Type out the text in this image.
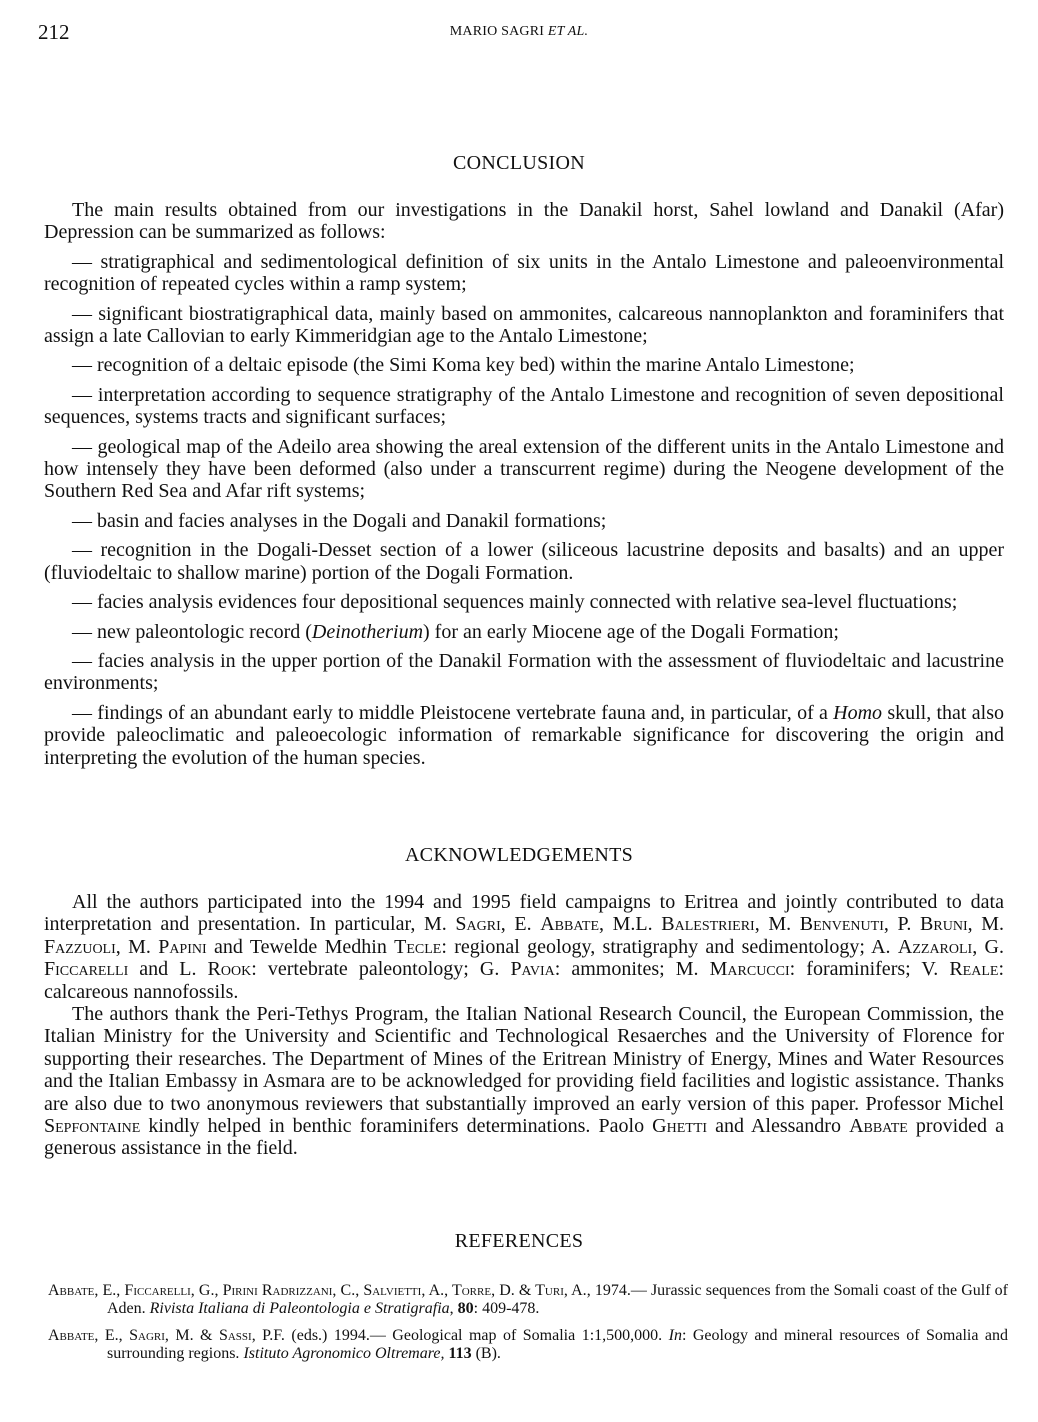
212	MARIO SAGRI ET AL.
CONCLUSION

The main results obtained from our investigations in the Danakil horst, Sahel lowland and Danakil (Afar) Depression can be summarized as follows:

— stratigraphical and sedimentological definition of six units in the Antalo Limestone and paleoenvironmental recognition of repeated cycles within a ramp system;

— significant biostratigraphical data, mainly based on ammonites, calcareous nannoplankton and foraminifers that assign a late Callovian to early Kimmeridgian age to the Antalo Limestone;

— recognition of a deltaic episode (the Simi Koma key bed) within the marine Antalo Limestone;

— interpretation according to sequence stratigraphy of the Antalo Limestone and recognition of seven depositional sequences, systems tracts and significant surfaces;

— geological map of the Adeilo area showing the areal extension of the different units in the Antalo Limestone and how intensely they have been deformed (also under a transcurrent regime) during the Neogene development of the Southern Red Sea and Afar rift systems;

— basin and facies analyses in the Dogali and Danakil formations;

— recognition in the Dogali-Desset section of a lower (siliceous lacustrine deposits and basalts) and an upper (fluviodeltaic to shallow marine) portion of the Dogali Formation.

— facies analysis evidences four depositional sequences mainly connected with relative sea-level fluctuations;

— new paleontologic record (Deinotherium) for an early Miocene age of the Dogali Formation;

— facies analysis in the upper portion of the Danakil Formation with the assessment of fluviodeltaic and lacustrine environments;

— findings of an abundant early to middle Pleistocene vertebrate fauna and, in particular, of a Homo skull, that also provide paleoclimatic and paleoecologic information of remarkable significance for discovering the origin and interpreting the evolution of the human species.

ACKNOWLEDGEMENTS

All the authors participated into the 1994 and 1995 field campaigns to Eritrea and jointly contributed to data interpretation and presentation. In particular, M. Sagri, E. Abbate, M.L. Balestrieri, M. Benvenuti, P. Bruni, M. Fazzuoli, M. Papini and Tewelde Medhin Tecle: regional geology, stratigraphy and sedimentology; A. Azzaroli, G. Ficcarelli and L. Rook: vertebrate paleontology; G. Pavia: ammonites; M. Marcucci: foraminifers; V. Reale: calcareous nannofossils.

The authors thank the Peri-Tethys Program, the Italian National Research Council, the European Commission, the Italian Ministry for the University and Scientific and Technological Resaerches and the University of Florence for supporting their researches. The Department of Mines of the Eritrean Ministry of Energy, Mines and Water Resources and the Italian Embassy in Asmara are to be acknowledged for providing field facilities and logistic assistance. Thanks are also due to two anonymous reviewers that substantially improved an early version of this paper. Professor Michel Sepfontaine kindly helped in benthic foraminifers determinations. Paolo Ghetti and Alessandro Abbate provided a generous assistance in the field.

REFERENCES

Abbate, E., Ficcarelli, G., Pirini Radrizzani, C., Salvietti, A., Torre, D. & Turi, A., 1974.— Jurassic sequences from the Somali coast of the Gulf of Aden. Rivista Italiana di Paleontologia e Stratigrafia, 80: 409-478.

Abbate, E., Sagri, M. & Sassi, P.F. (eds.) 1994.— Geological map of Somalia 1:1,500,000. In: Geology and mineral resources of Somalia and surrounding regions. Istituto Agronomico Oltremare, 113 (B).
